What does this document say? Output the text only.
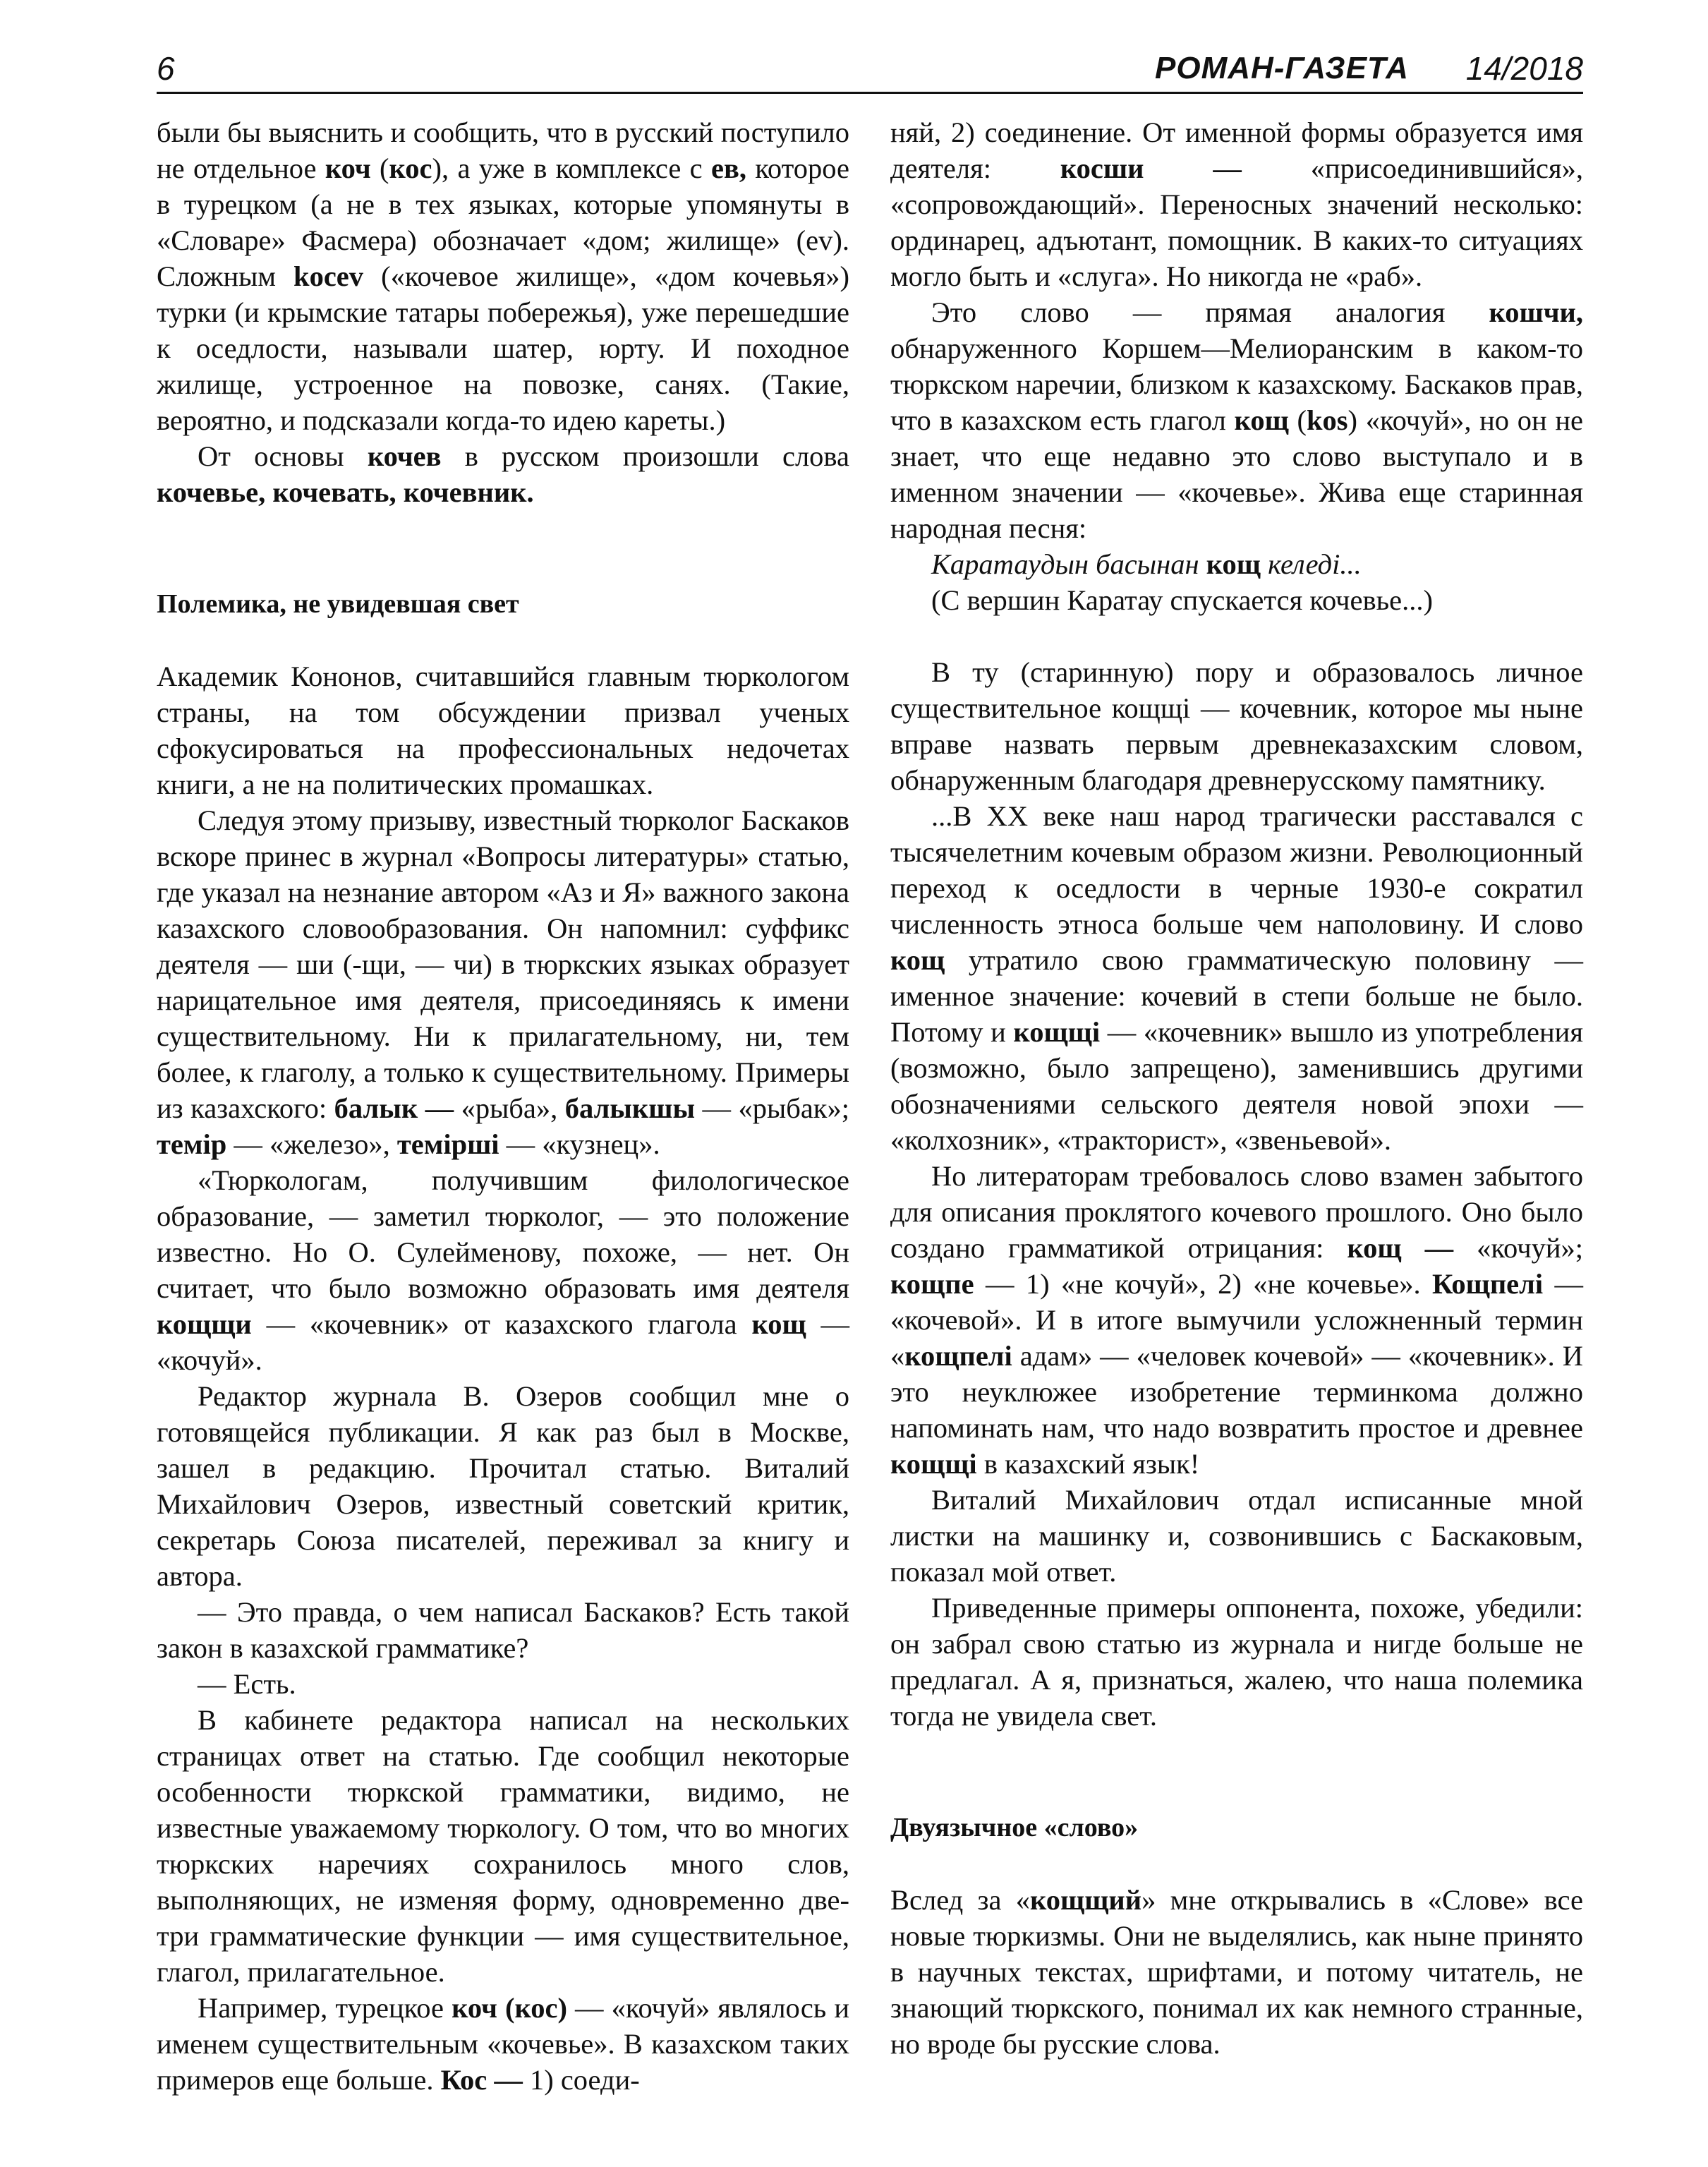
6	РОМАН-ГАЗЕТА 14/2018

были бы выяснить и сообщить, что в русский поступило не отдельное коч (кос), а уже в комплексе с ев, которое в турецком (а не в тех языках, которые упомянуты в «Словаре» Фасмера) обозначает «дом; жилище» (ev). Сложным kocev («кочевое жилище», «дом кочевья») турки (и крымские татары побережья), уже перешедшие к оседлости, называли шатер, юрту. И походное жилище, устроенное на повозке, санях. (Такие, вероятно, и подсказали когда-то идею кареты.)

От основы кочев в русском произошли слова кочевье, кочевать, кочевник.

Полемика, не увидевшая свет

Академик Кононов, считавшийся главным тюркологом страны, на том обсуждении призвал ученых сфокусироваться на профессиональных недочетах книги, а не на политических промашках.

Следуя этому призыву, известный тюрколог Баскаков вскоре принес в журнал «Вопросы литературы» статью, где указал на незнание автором «Аз и Я» важного закона казахского словообразования. Он напомнил: суффикс деятеля — ши (-щи, — чи) в тюркских языках образует нарицательное имя деятеля, присоединяясь к имени существительному. Ни к прилагательному, ни, тем более, к глаголу, а только к существительному. Примеры из казахского: балык — «рыба», балыкшы — «рыбак»; темір — «железо», темірші — «кузнец».

«Тюркологам, получившим филологическое образование, — заметил тюрколог, — это положение известно. Но О. Сулейменову, похоже, — нет. Он считает, что было возможно образовать имя деятеля кощщи — «кочевник» от казахского глагола кощ — «кочуй».

Редактор журнала В. Озеров сообщил мне о готовящейся публикации. Я как раз был в Москве, зашел в редакцию. Прочитал статью. Виталий Михайлович Озеров, известный советский критик, секретарь Союза писателей, переживал за книгу и автора.

— Это правда, о чем написал Баскаков? Есть такой закон в казахской грамматике?

— Есть.

В кабинете редактора написал на нескольких страницах ответ на статью. Где сообщил некоторые особенности тюркской грамматики, видимо, не известные уважаемому тюркологу. О том, что во многих тюркских наречиях сохранилось много слов, выполняющих, не изменяя форму, одновременно две-три грамматические функции — имя существительное, глагол, прилагательное.

Например, турецкое коч (кос) — «кочуй» являлось и именем существительным «кочевье». В казахском таких примеров еще больше. Кос — 1) соеди-

няй, 2) соединение. От именной формы образуется имя деятеля: косши — «присоединившийся», «сопровождающий». Переносных значений несколько: ординарец, адъютант, помощник. В каких-то ситуациях могло быть и «слуга». Но никогда не «раб».

Это слово — прямая аналогия кошчи, обнаруженного Коршем—Мелиоранским в каком-то тюркском наречии, близком к казахскому. Баскаков прав, что в казахском есть глагол кощ (kos) «кочуй», но он не знает, что еще недавно это слово выступало и в именном значении — «кочевье». Жива еще старинная народная песня:

Каратаудын басынан кощ келеді...

(С вершин Каратау спускается кочевье...)

В ту (старинную) пору и образовалось личное существительное кощщі — кочевник, которое мы ныне вправе назвать первым древнеказахским словом, обнаруженным благодаря древнерусскому памятнику.

...В XX веке наш народ трагически расставался с тысячелетним кочевым образом жизни. Революционный переход к оседлости в черные 1930-е сократил численность этноса больше чем наполовину. И слово кощ утратило свою грамматическую половину — именное значение: кочевий в степи больше не было. Потому и кощщі — «кочевник» вышло из употребления (возможно, было запрещено), заменившись другими обозначениями сельского деятеля новой эпохи — «колхозник», «тракторист», «звеньевой».

Но литераторам требовалось слово взамен забытого для описания проклятого кочевого прошлого. Оно было создано грамматикой отрицания: кощ — «кочуй»; кощпе — 1) «не кочуй», 2) «не кочевье». Кощпелі — «кочевой». И в итоге вымучили усложненный термин «кощпелі адам» — «человек кочевой» — «кочевник». И это неуклюжее изобретение терминкома должно напоминать нам, что надо возвратить простое и древнее кощщі в казахский язык!

Виталий Михайлович отдал исписанные мной листки на машинку и, созвонившись с Баскаковым, показал мой ответ.

Приведенные примеры оппонента, похоже, убедили: он забрал свою статью из журнала и нигде больше не предлагал. А я, признаться, жалею, что наша полемика тогда не увидела свет.

Двуязычное «слово»

Вслед за «кощщий» мне открывались в «Слове» все новые тюркизмы. Они не выделялись, как ныне принято в научных текстах, шрифтами, и потому читатель, не знающий тюркского, понимал их как немного странные, но вроде бы русские слова.
